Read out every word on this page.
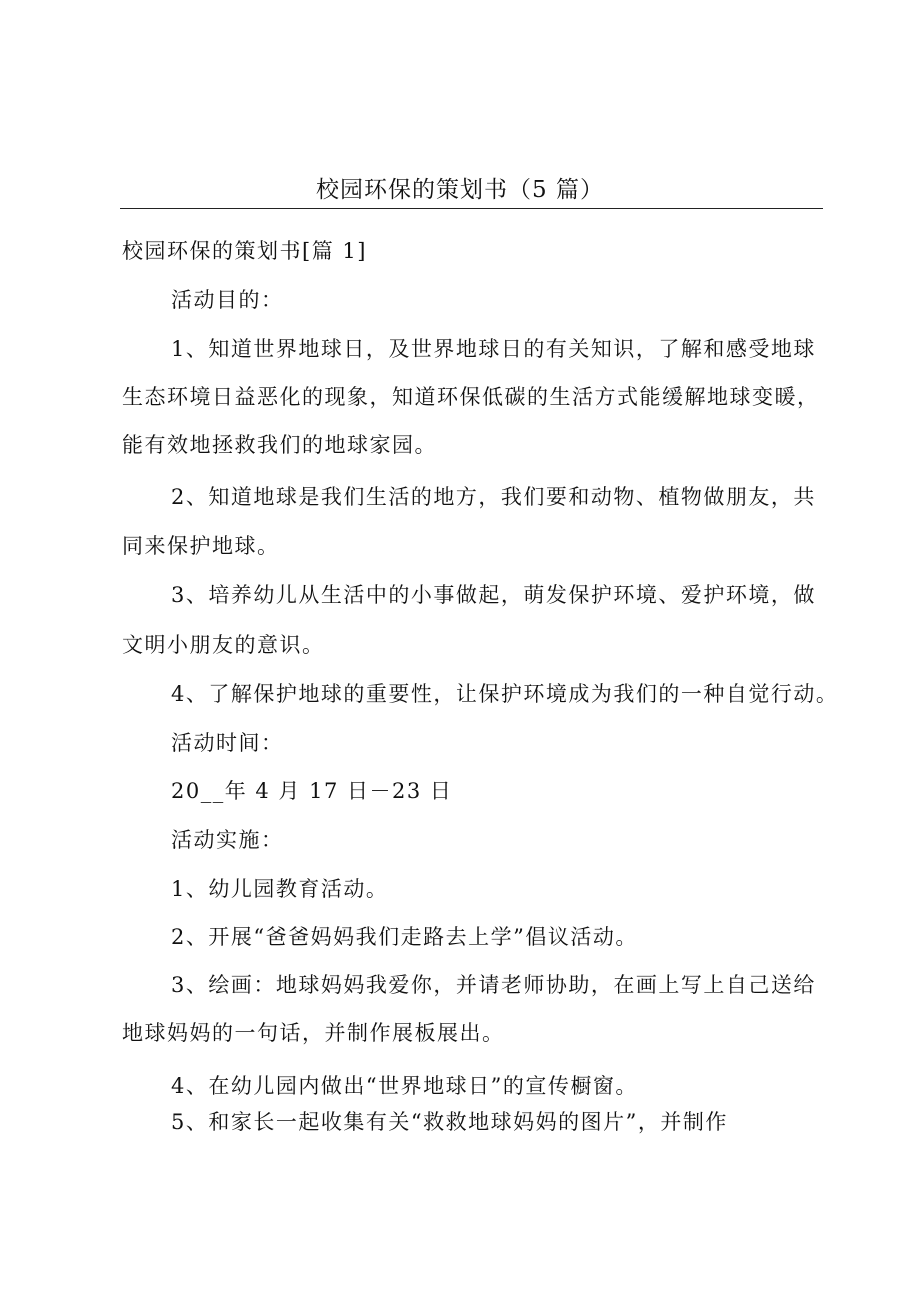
校园环保的策划书（5 篇）
校园环保的策划书[篇 1]
活动目的：
1、知道世界地球日，及世界地球日的有关知识，了解和感受地球
生态环境日益恶化的现象，知道环保低碳的生活方式能缓解地球变暖，
能有效地拯救我们的地球家园。
2、知道地球是我们生活的地方，我们要和动物、植物做朋友，共
同来保护地球。
3、培养幼儿从生活中的小事做起，萌发保护环境、爱护环境，做
文明小朋友的意识。
4、了解保护地球的重要性，让保护环境成为我们的一种自觉行动。
活动时间：
20__年 4 月 17 日－23 日
活动实施：
1、幼儿园教育活动。
2、开展“爸爸妈妈我们走路去上学”倡议活动。
3、绘画：地球妈妈我爱你，并请老师协助，在画上写上自己送给
地球妈妈的一句话，并制作展板展出。
4、在幼儿园内做出“世界地球日”的宣传橱窗。
5、和家长一起收集有关“救救地球妈妈的图片”，并制作
